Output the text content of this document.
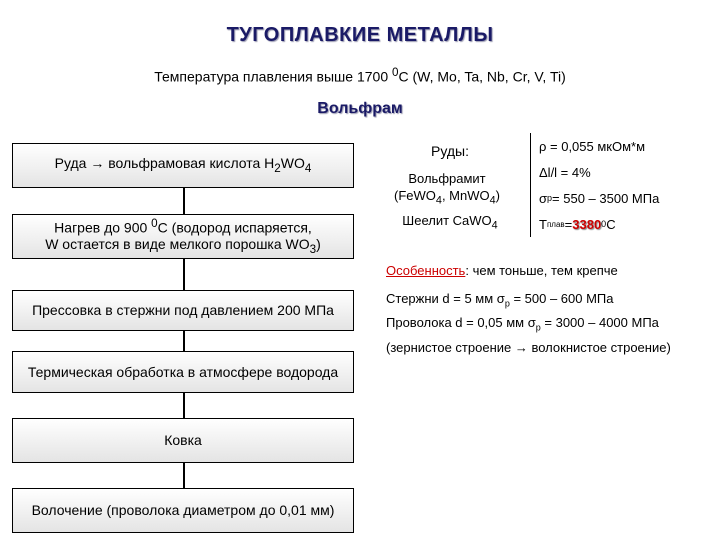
ТУГОПЛАВКИЕ МЕТАЛЛЫ
Температура плавления выше 1700 $^0$C (W, Mo, Ta, Nb, Cr, V, Ti)
Вольфрам
Руда → вольфрамовая кислота $H_2WO_4$
Нагрев до 900 $^0$С (водород испаряется,
W остается в виде мелкого порошка $WO_3$)
Прессовка в стержни под давлением 200 МПа
Термическая обработка в атмосфере водорода
Ковка
Волочение (проволока диаметром до 0,01 мм)
Руды:
Вольфрамит
(FeWO$_4$, MnWO$_4$)
Шеелит CaWO$_4$
ρ = 0,055 мкОм*м
Δl/l = 4%
σ р = 550 – 3500 МПа
Т плав = 3380 0 С
Особенность: чем тоньше, тем крепче
Стержни d = 5 мм $\sigma_р = 500 - 600$ МПа
Проволока d = 0,05 мм $\sigma_р = 3000 - 4000$ МПа
(зернистое строение → волокнистое строение)
